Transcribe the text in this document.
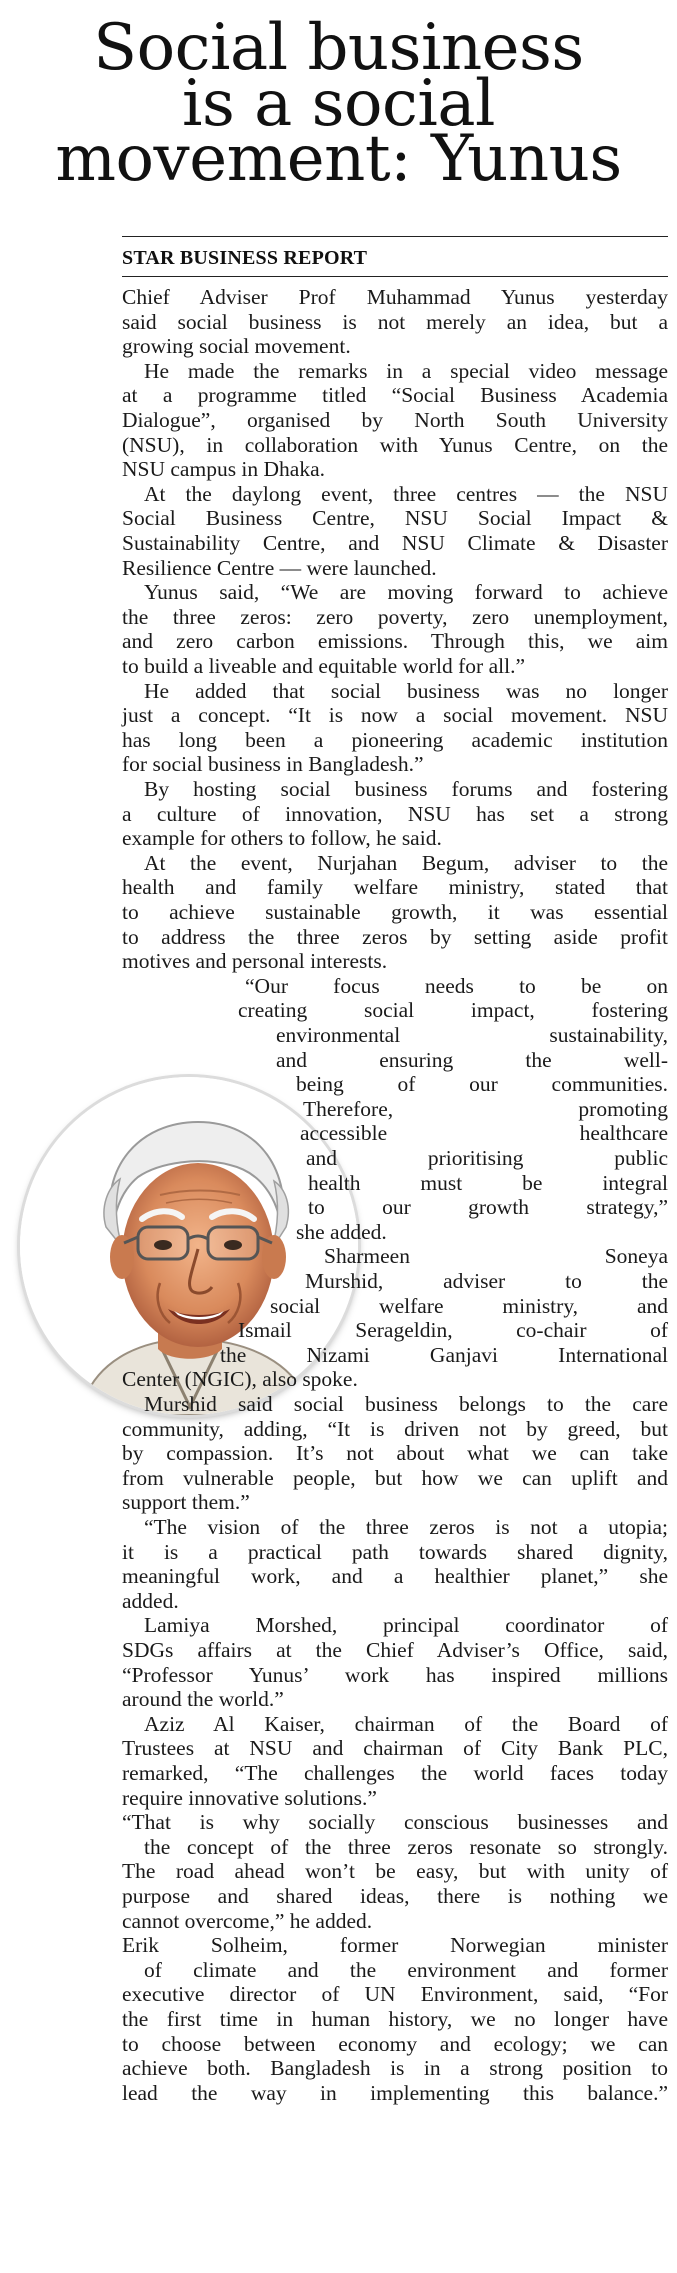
Social business
is a social
movement: Yunus
STAR BUSINESS REPORT
Chief Adviser Prof Muhammad Yunus yesterday
said social business is not merely an idea, but a
growing social movement.
He made the remarks in a special video message
at a programme titled “Social Business Academia
Dialogue”, organised by North South University
(NSU), in collaboration with Yunus Centre, on the
NSU campus in Dhaka.
At the daylong event, three centres — the NSU
Social Business Centre, NSU Social Impact &
Sustainability Centre, and NSU Climate & Disaster
Resilience Centre — were launched.
Yunus said, “We are moving forward to achieve
the three zeros: zero poverty, zero unemployment,
and zero carbon emissions. Through this, we aim
to build a liveable and equitable world for all.”
He added that social business was no longer
just a concept. “It is now a social movement. NSU
has long been a pioneering academic institution
for social business in Bangladesh.”
By hosting social business forums and fostering
a culture of innovation, NSU has set a strong
example for others to follow, he said.
At the event, Nurjahan Begum, adviser to the
health and family welfare ministry, stated that
to achieve sustainable growth, it was essential
to address the three zeros by setting aside profit
motives and personal interests.
“Our focus needs to be on
creating social impact, fostering
environmental sustainability,
and ensuring the well-
being of our communities.
Therefore, promoting
accessible healthcare
and prioritising public
health must be integral
to our growth strategy,”
she added.
Sharmeen Soneya
Murshid, adviser to the
social welfare ministry, and
Ismail Serageldin, co-chair of
the Nizami Ganjavi International
Center (NGIC), also spoke.
Murshid said social business belongs to the care
community, adding, “It is driven not by greed, but
by compassion. It’s not about what we can take
from vulnerable people, but how we can uplift and
support them.”
“The vision of the three zeros is not a utopia;
it is a practical path towards shared dignity,
meaningful work, and a healthier planet,” she
added.
Lamiya Morshed, principal coordinator of
SDGs affairs at the Chief Adviser’s Office, said,
“Professor Yunus’ work has inspired millions
around the world.”
Aziz Al Kaiser, chairman of the Board of
Trustees at NSU and chairman of City Bank PLC,
remarked, “The challenges the world faces today
require innovative solutions.”
“That is why socially conscious businesses and
the concept of the three zeros resonate so strongly.
The road ahead won’t be easy, but with unity of
purpose and shared ideas, there is nothing we
cannot overcome,” he added.
Erik Solheim, former Norwegian minister
of climate and the environment and former
executive director of UN Environment, said, “For
the first time in human history, we no longer have
to choose between economy and ecology; we can
achieve both. Bangladesh is in a strong position to
lead the way in implementing this balance.”
